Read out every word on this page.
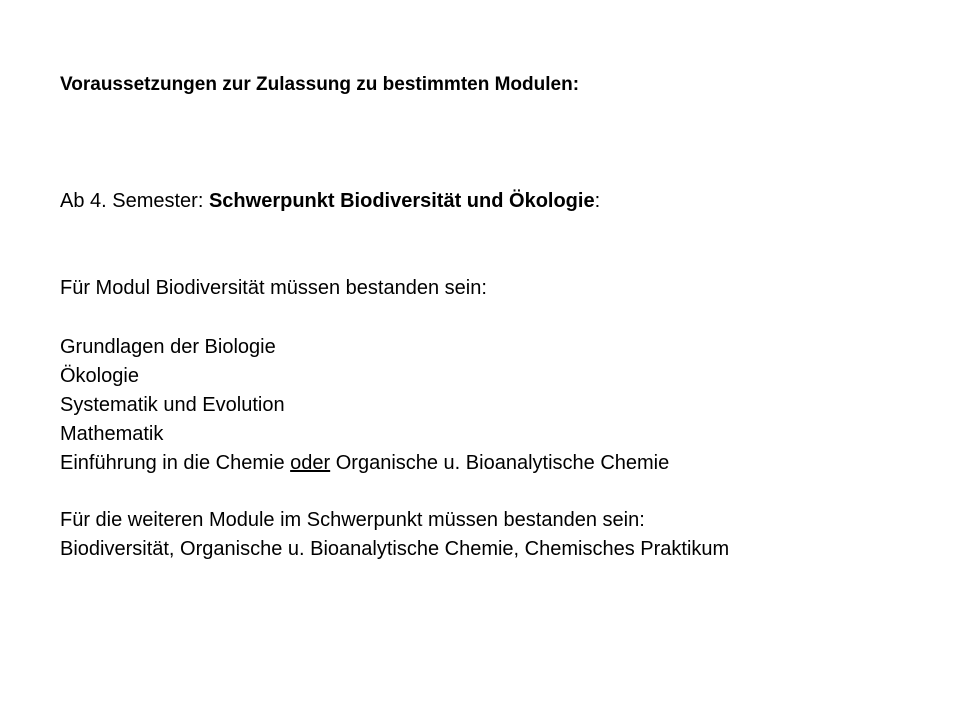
Voraussetzungen zur Zulassung zu bestimmten Modulen:
Ab 4. Semester: Schwerpunkt Biodiversität und Ökologie:
Für Modul Biodiversität müssen bestanden sein:
Grundlagen der Biologie
Ökologie
Systematik und Evolution
Mathematik
Einführung in die Chemie oder Organische u. Bioanalytische Chemie
Für die weiteren Module im Schwerpunkt müssen bestanden sein:
Biodiversität, Organische u. Bioanalytische Chemie, Chemisches Praktikum
